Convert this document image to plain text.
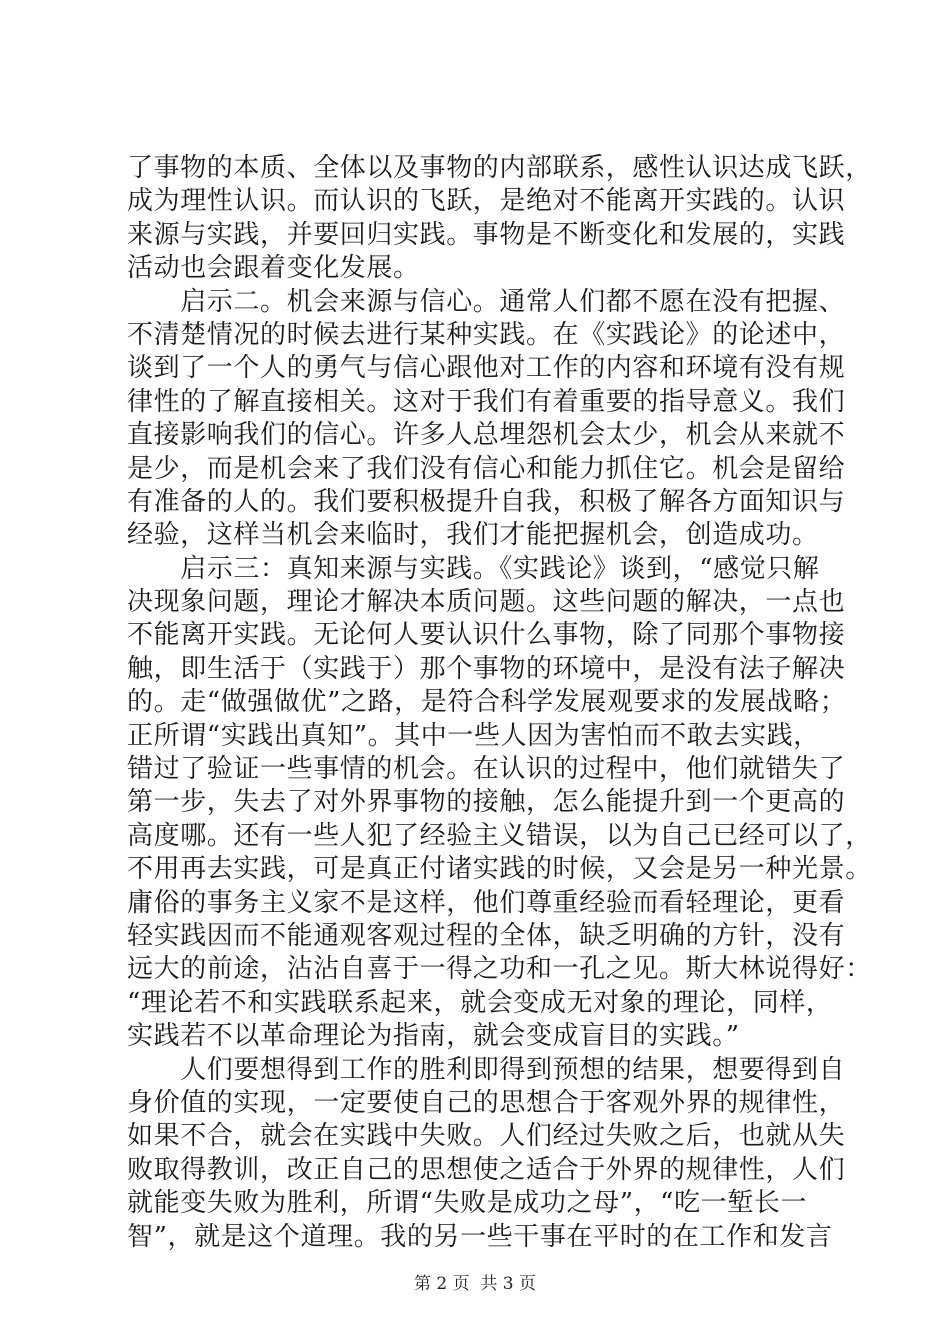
了事物的本质、全体以及事物的内部联系，感性认识达成飞跃，
成为理性认识。而认识的飞跃，是绝对不能离开实践的。认识
来源与实践，并要回归实践。事物是不断变化和发展的，实践
活动也会跟着变化发展。
　　启示二。机会来源与信心。通常人们都不愿在没有把握、
不清楚情况的时候去进行某种实践。在《实践论》的论述中，
谈到了一个人的勇气与信心跟他对工作的内容和环境有没有规
律性的了解直接相关。这对于我们有着重要的指导意义。我们
直接影响我们的信心。许多人总埋怨机会太少，机会从来就不
是少，而是机会来了我们没有信心和能力抓住它。机会是留给
有准备的人的。我们要积极提升自我，积极了解各方面知识与
经验，这样当机会来临时，我们才能把握机会，创造成功。
　　启示三：真知来源与实践。《实践论》谈到，“感觉只解
决现象问题，理论才解决本质问题。这些问题的解决，一点也
不能离开实践。无论何人要认识什么事物，除了同那个事物接
触，即生活于（实践于）那个事物的环境中，是没有法子解决
的。走“做强做优”之路，是符合科学发展观要求的发展战略；
正所谓“实践出真知”。其中一些人因为害怕而不敢去实践，
错过了验证一些事情的机会。在认识的过程中，他们就错失了
第一步，失去了对外界事物的接触，怎么能提升到一个更高的
高度哪。还有一些人犯了经验主义错误，以为自己已经可以了，
不用再去实践，可是真正付诸实践的时候，又会是另一种光景。
庸俗的事务主义家不是这样，他们尊重经验而看轻理论，更看
轻实践因而不能通观客观过程的全体，缺乏明确的方针，没有
远大的前途，沾沾自喜于一得之功和一孔之见。斯大林说得好：
“理论若不和实践联系起来，就会变成无对象的理论，同样，
实践若不以革命理论为指南，就会变成盲目的实践。”
　　人们要想得到工作的胜利即得到预想的结果，想要得到自
身价值的实现，一定要使自己的思想合于客观外界的规律性，
如果不合，就会在实践中失败。人们经过失败之后，也就从失
败取得教训，改正自己的思想使之适合于外界的规律性，人们
就能变失败为胜利，所谓“失败是成功之母”，“吃一堑长一
智”，就是这个道理。我的另一些干事在平时的在工作和发言
第 2 页  共 3 页
